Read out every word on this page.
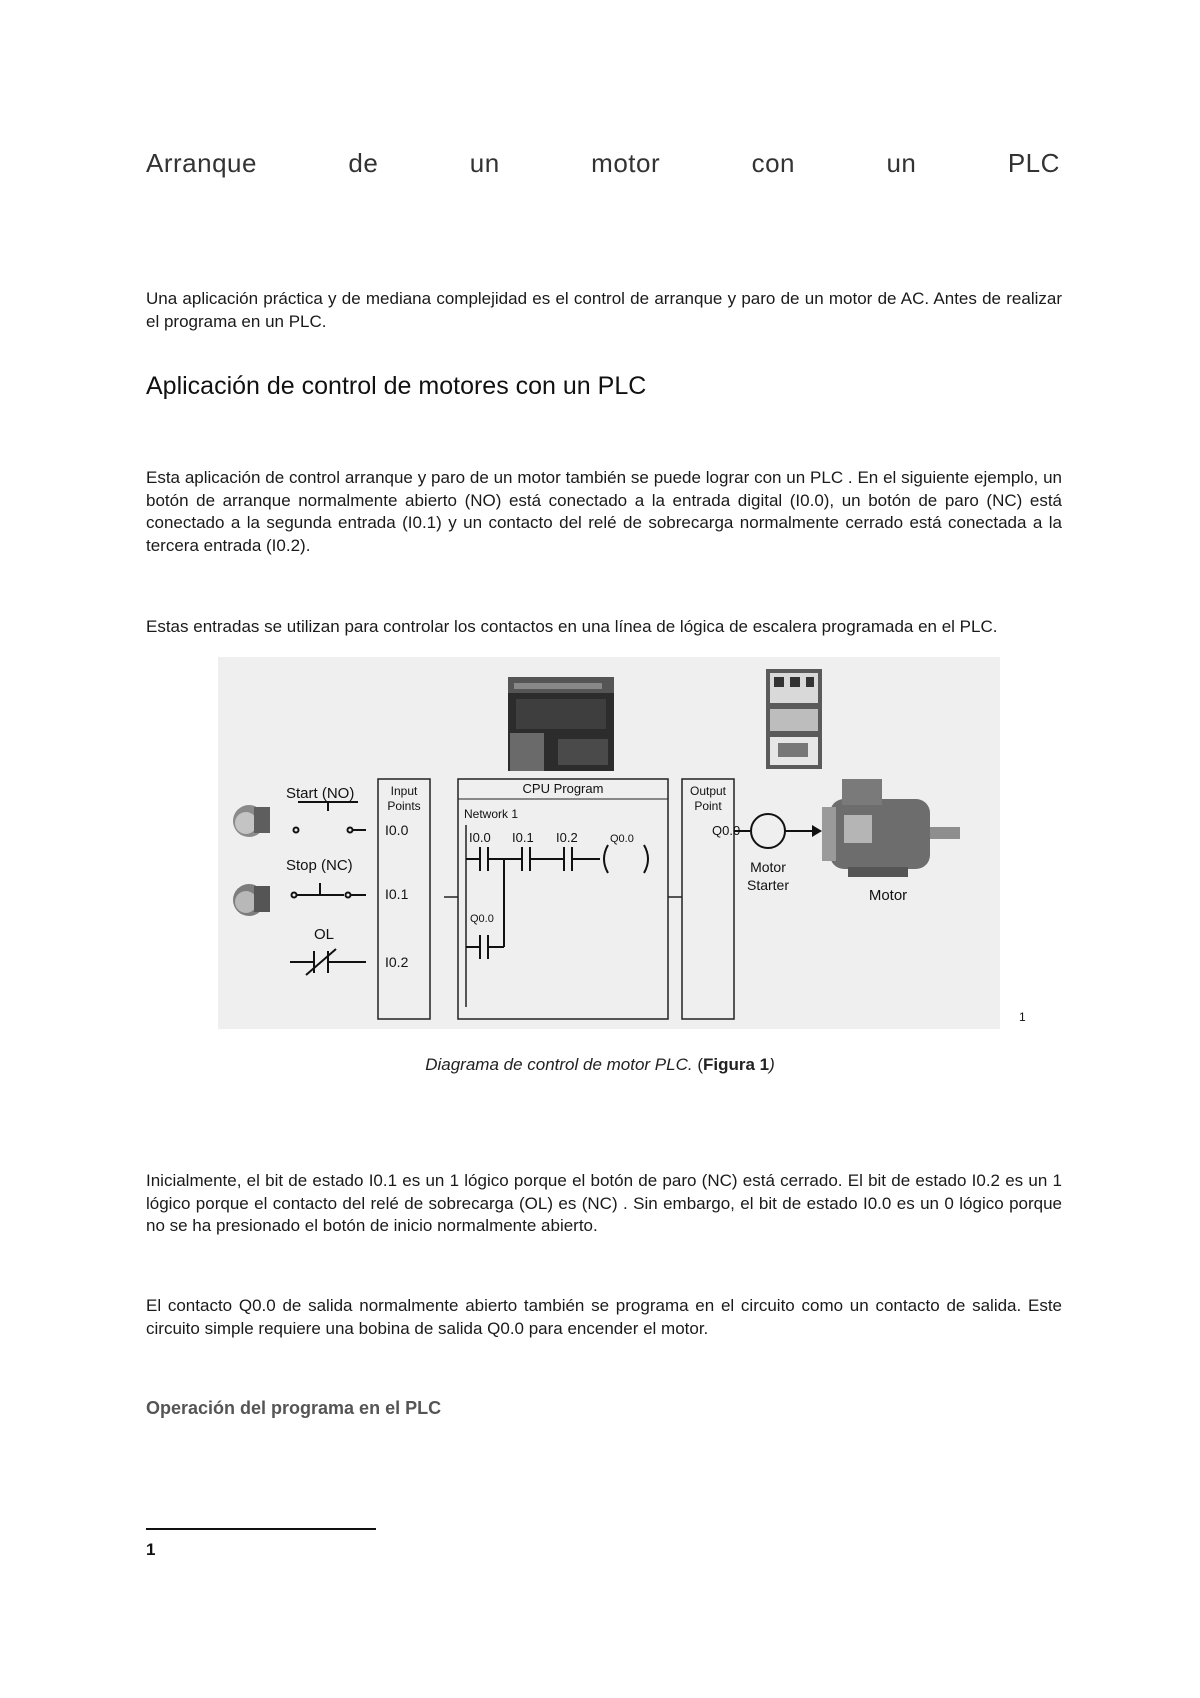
Arranque	de	un	motor	con	un	PLC

Una aplicación práctica y de mediana complejidad es el control de arranque y paro de un motor de AC. Antes de realizar el programa en un PLC.

Aplicación de control de motores con un PLC

Esta aplicación de control arranque y paro de un motor también se puede lograr con un PLC . En el siguiente ejemplo, un botón de arranque normalmente abierto (NO) está conectado a la entrada digital (I0.0), un botón de paro (NC) está conectado a la segunda entrada (I0.1) y un contacto del relé de sobrecarga normalmente cerrado está conectada a la tercera entrada (I0.2).

Estas entradas se utilizan para controlar los contactos en una línea de lógica de escalera programada en el PLC.

Start (NO)
Stop (NC)
OL
Input
Points
I0.0
I0.1
I0.2
CPU Program
Network 1
I0.0 I0.1 I0.2	Q0.0
Q0.0
Output
Point
Q0.0
Motor
Starter
Motor
1
Diagrama de control de motor PLC. (Figura 1)

Inicialmente, el bit de estado I0.1 es un 1 lógico porque el botón de paro (NC) está cerrado. El bit de estado I0.2 es un 1 lógico porque el contacto del relé de sobrecarga (OL) es (NC) . Sin embargo, el bit de estado I0.0 es un 0 lógico porque no se ha presionado el botón de inicio normalmente abierto.

El contacto Q0.0 de salida normalmente abierto también se programa en el circuito como un contacto de salida. Este circuito simple requiere una bobina de salida Q0.0 para encender el motor.

Operación del programa en el PLC
1
